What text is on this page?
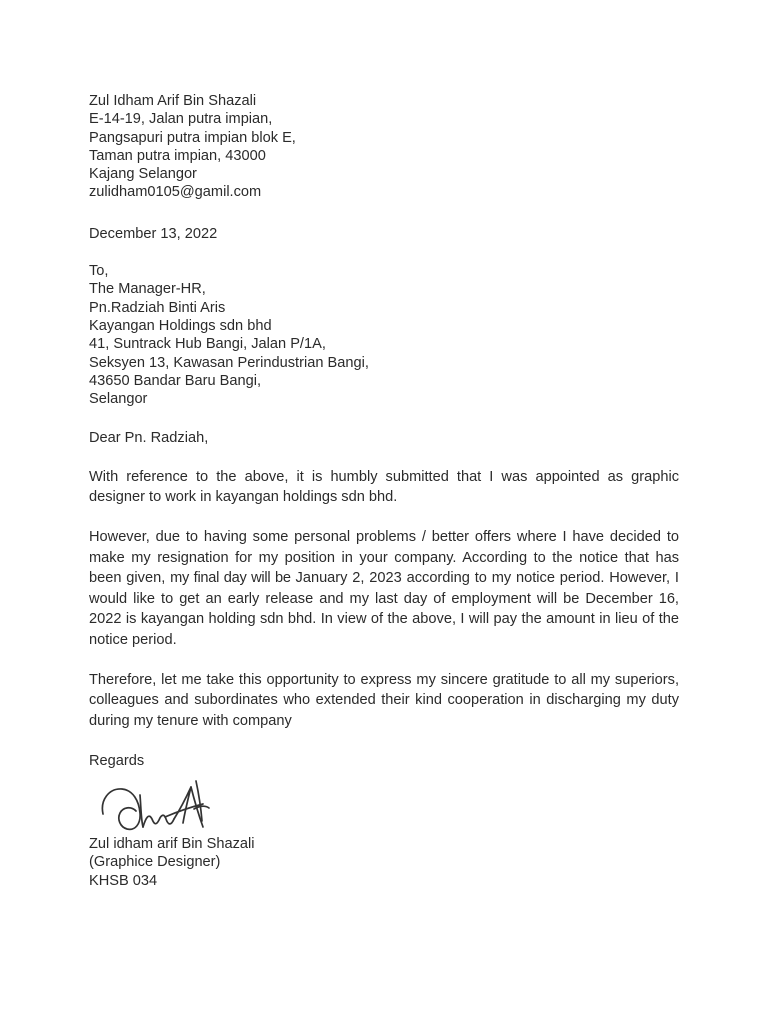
Zul Idham Arif Bin Shazali
E-14-19, Jalan putra impian,
Pangsapuri putra impian blok E,
Taman putra impian, 43000
Kajang Selangor
zulidham0105@gamil.com
December 13, 2022
To,
The Manager-HR,
Pn.Radziah Binti Aris
Kayangan Holdings sdn bhd
41, Suntrack Hub Bangi, Jalan P/1A,
Seksyen 13, Kawasan Perindustrian Bangi,
43650 Bandar Baru Bangi,
Selangor
Dear Pn. Radziah,

With reference to the above, it is humbly submitted that I was appointed as graphic designer to work in kayangan holdings sdn bhd.

However, due to having some personal problems / better offers where I have decided to make my resignation for my position in your company. According to the notice that has been given, my final day will be January 2, 2023 according to my notice period. However, I would like to get an early release and my last day of employment will be December 16, 2022 is kayangan holding sdn bhd. In view of the above, I will pay the amount in lieu of the notice period.

Therefore, let me take this opportunity to express my sincere gratitude to all my superiors, colleagues and subordinates who extended their kind cooperation in discharging my duty during my tenure with company

Regards
Zul idham arif Bin Shazali
(Graphice Designer)
KHSB 034
